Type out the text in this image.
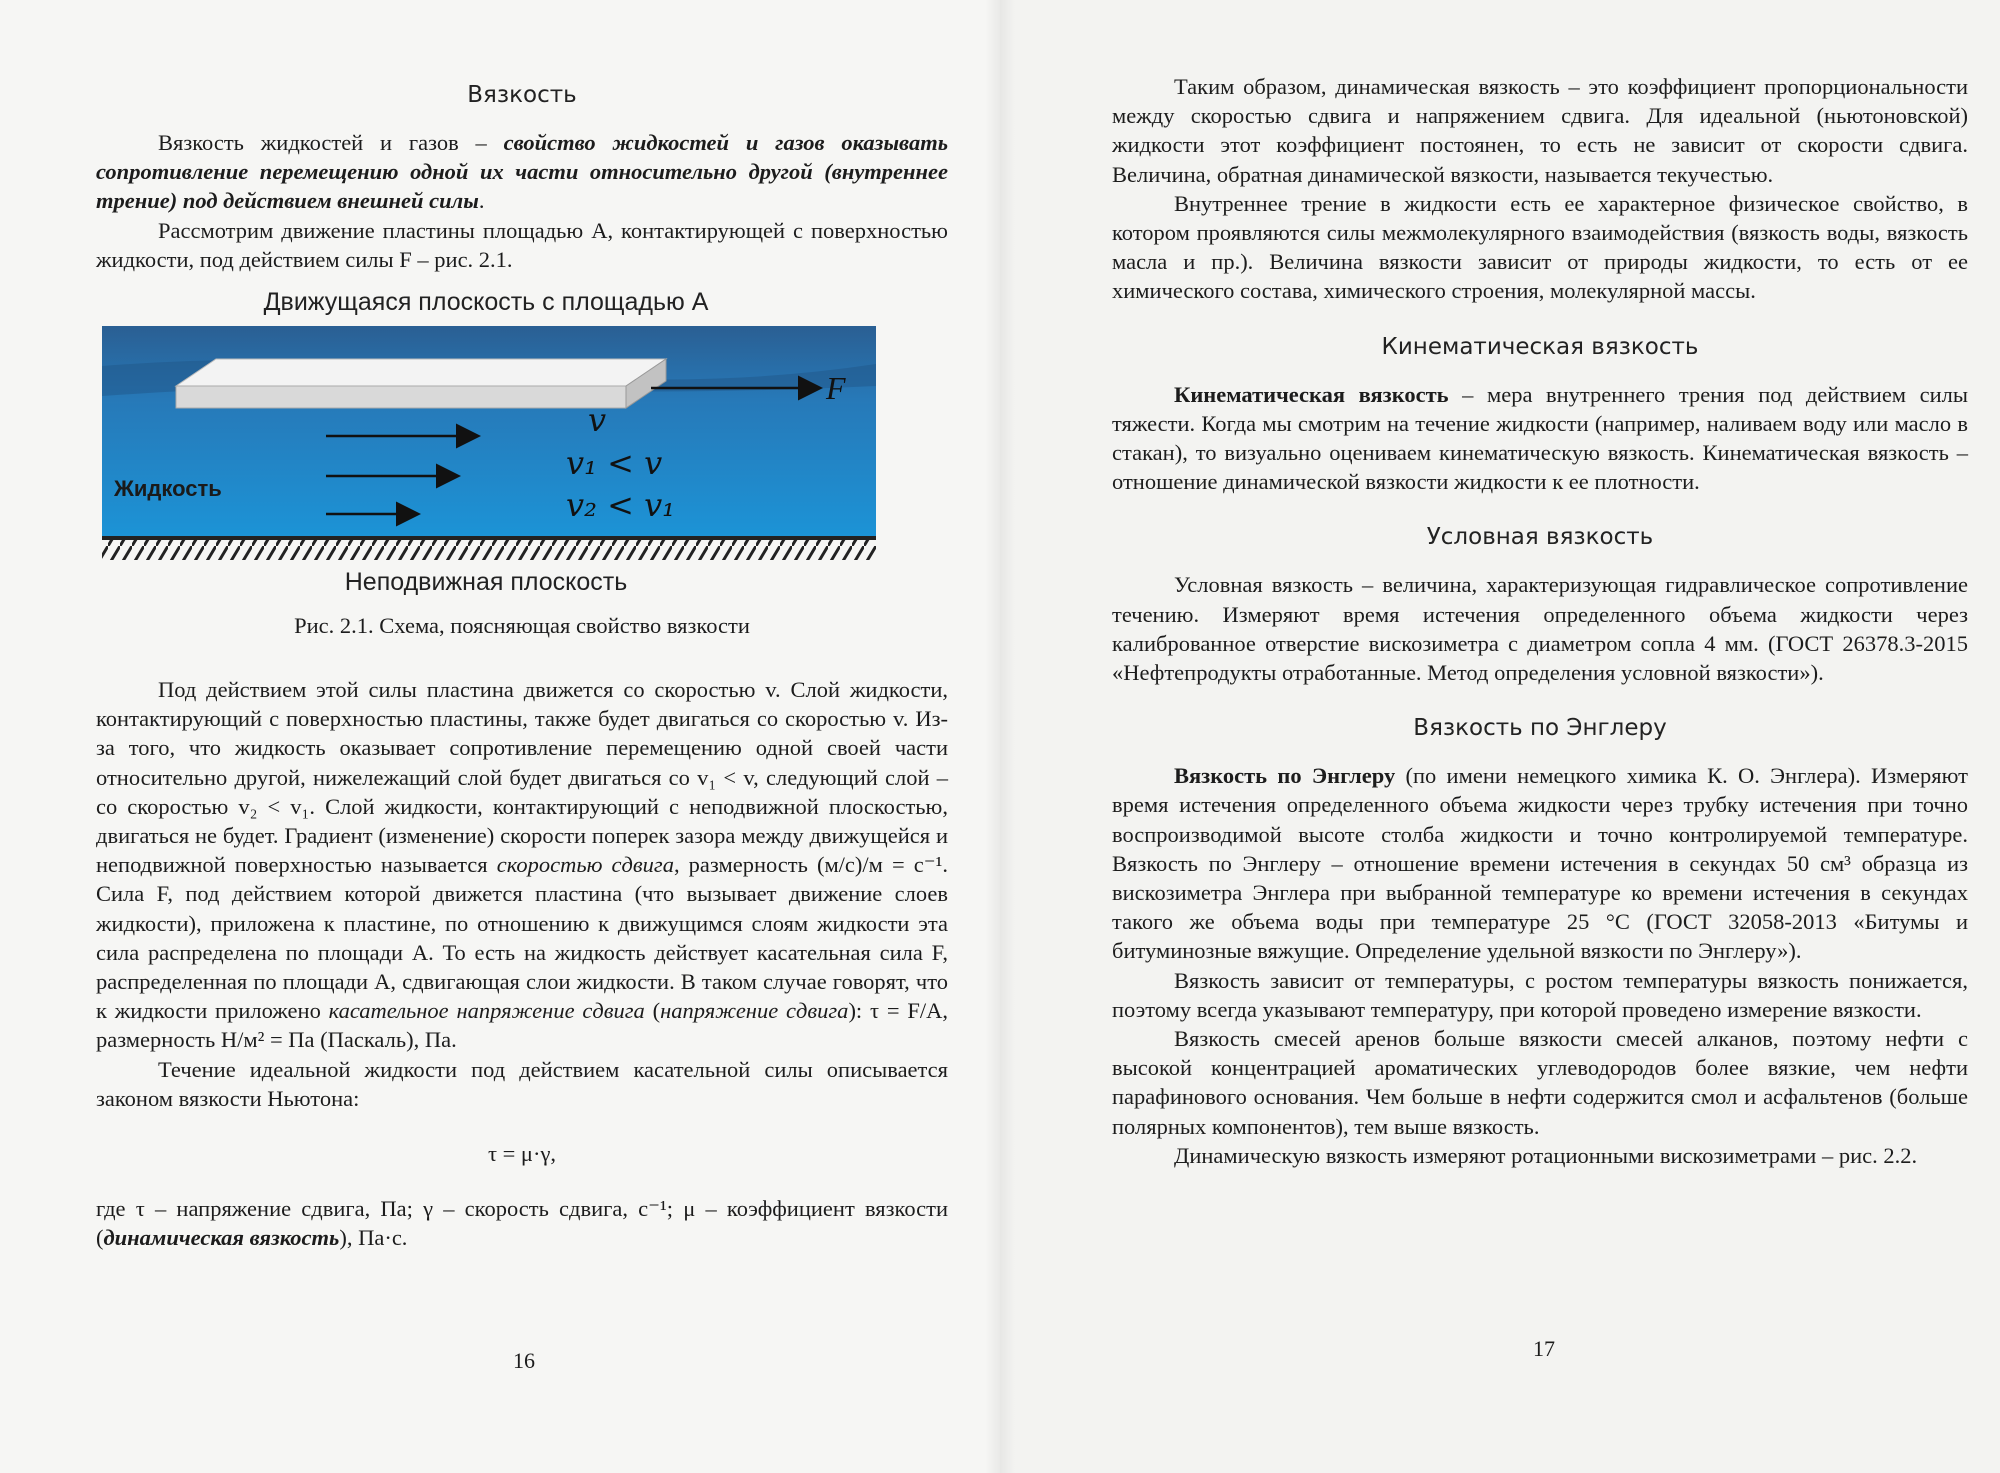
Вязкость

Вязкость жидкостей и газов – свойство жидкостей и газов оказывать сопротивление перемещению одной их части относительно другой (внутреннее трение) под действием внешней силы.

Рассмотрим движение пластины площадью A, контактирующей с поверхностью жидкости, под действием силы F – рис. 2.1.

Движущаяся плоскость с площадью А
F
v
v₁ < v
v₂ < v₁
Жидкость
Неподвижная плоскость
Рис. 2.1. Схема, поясняющая свойство вязкости

Под действием этой силы пластина движется со скоростью v. Слой жидкости, контактирующий с поверхностью пластины, также будет двигаться со скоростью v. Из-за того, что жидкость оказывает сопротивление перемещению одной своей части относительно другой, нижележащий слой будет двигаться со v₁ < v, следующий слой – со скоростью v₂ < v₁. Слой жидкости, контактирующий с неподвижной плоскостью, двигаться не будет. Градиент (изменение) скорости поперек зазора между движущейся и неподвижной поверхностью называется скоростью сдвига, размерность (м/с)/м = с⁻¹. Сила F, под действием которой движется пластина (что вызывает движение слоев жидкости), приложена к пластине, по отношению к движущимся слоям жидкости эта сила распределена по площади A. То есть на жидкость действует касательная сила F, распределенная по площади A, сдвигающая слои жидкости. В таком случае говорят, что к жидкости приложено касательное напряжение сдвига (напряжение сдвига): τ = F/A, размерность Н/м² = Па (Паскаль), Па.

Течение идеальной жидкости под действием касательной силы описывается законом вязкости Ньютона:

τ = μ·γ,

где τ – напряжение сдвига, Па; γ – скорость сдвига, с⁻¹; μ – коэффициент вязкости (динамическая вязкость), Па·с.

16

Таким образом, динамическая вязкость – это коэффициент пропорциональности между скоростью сдвига и напряжением сдвига. Для идеальной (ньютоновской) жидкости этот коэффициент постоянен, то есть не зависит от скорости сдвига. Величина, обратная динамической вязкости, называется текучестью.

Внутреннее трение в жидкости есть ее характерное физическое свойство, в котором проявляются силы межмолекулярного взаимодействия (вязкость воды, вязкость масла и пр.). Величина вязкости зависит от природы жидкости, то есть от ее химического состава, химического строения, молекулярной массы.

Кинематическая вязкость

Кинематическая вязкость – мера внутреннего трения под действием силы тяжести. Когда мы смотрим на течение жидкости (например, наливаем воду или масло в стакан), то визуально оцениваем кинематическую вязкость. Кинематическая вязкость – отношение динамической вязкости жидкости к ее плотности.

Условная вязкость

Условная вязкость – величина, характеризующая гидравлическое сопротивление течению. Измеряют время истечения определенного объема жидкости через калиброванное отверстие вискозиметра с диаметром сопла 4 мм. (ГОСТ 26378.3-2015 «Нефтепродукты отработанные. Метод определения условной вязкости»).

Вязкость по Энглеру

Вязкость по Энглеру (по имени немецкого химика К. О. Энглера). Измеряют время истечения определенного объема жидкости через трубку истечения при точно воспроизводимой высоте столба жидкости и точно контролируемой температуре. Вязкость по Энглеру – отношение времени истечения в секундах 50 см³ образца из вискозиметра Энглера при выбранной температуре ко времени истечения в секундах такого же объема воды при температуре 25 °C (ГОСТ 32058-2013 «Битумы и битуминозные вяжущие. Определение удельной вязкости по Энглеру»).

Вязкость зависит от температуры, с ростом температуры вязкость понижается, поэтому всегда указывают температуру, при которой проведено измерение вязкости.

Вязкость смесей аренов больше вязкости смесей алканов, поэтому нефти с высокой концентрацией ароматических углеводородов более вязкие, чем нефти парафинового основания. Чем больше в нефти содержится смол и асфальтенов (больше полярных компонентов), тем выше вязкость.

Динамическую вязкость измеряют ротационными вискозиметрами – рис. 2.2.

17
